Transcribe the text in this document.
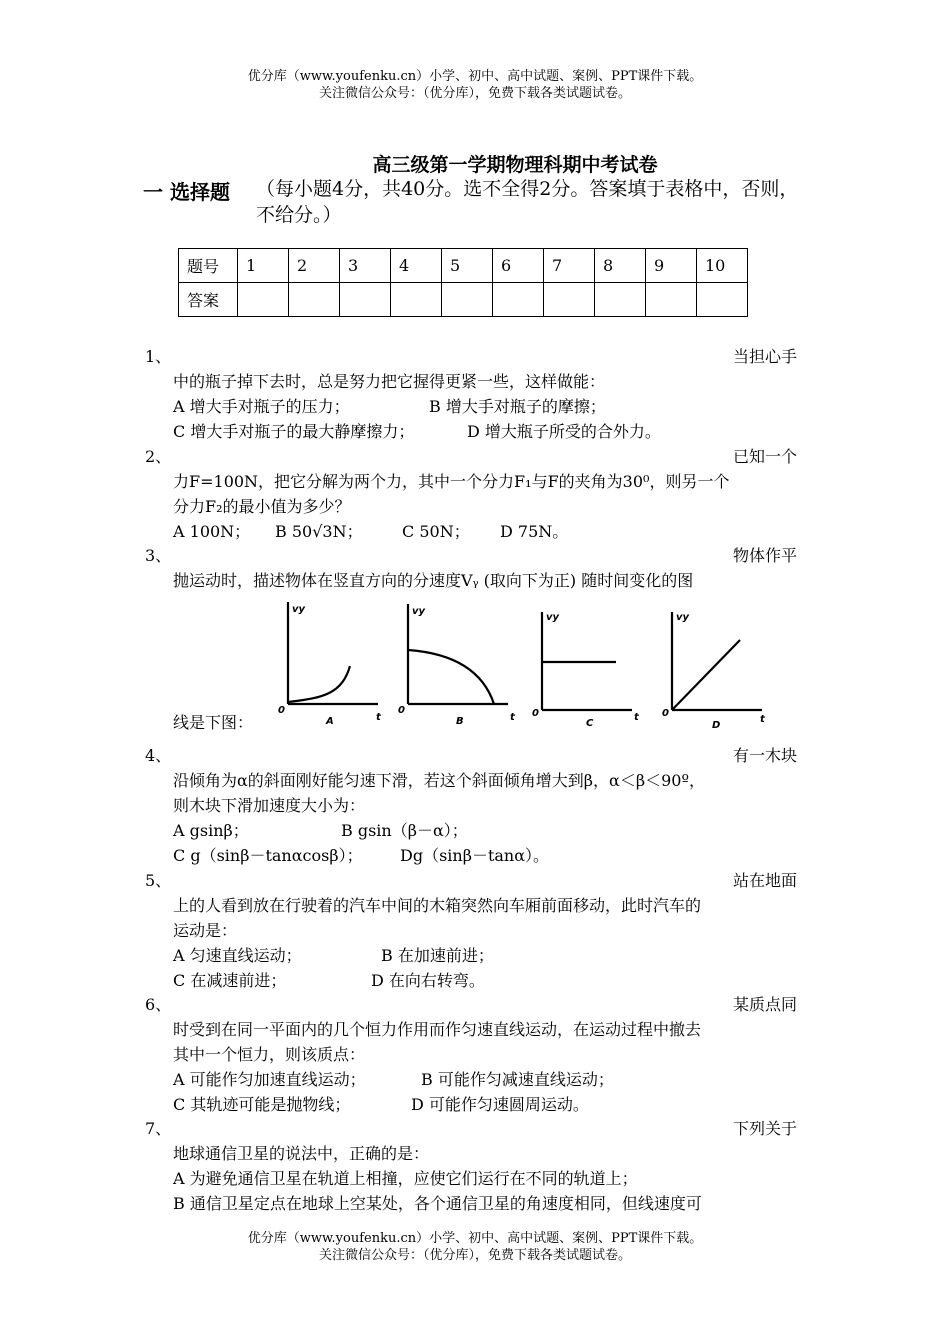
优分库（www.youfenku.cn）小学、初中、高中试题、案例、PPT课件下载。
关注微信公众号：（优分库），免费下载各类试题试卷。
高三级第一学期物理科期中考试卷
一 选择题 （每小题4分，共40分。选不全得2分。答案填于表格中，否则，不给分。）
题号	1	2	3	4	5	6	7	8	9	10
答案										
1、	当担心手
中的瓶子掉下去时，总是努力把它握得更紧一些，这样做能：
A 增大手对瓶子的压力；	B 增大手对瓶子的摩擦；
C 增大手对瓶子的最大静摩擦力；	D 增大瓶子所受的合外力。
2、	已知一个
力F=100N，把它分解为两个力，其中一个分力F₁与F的夹角为30⁰，则另一个
分力F₂的最小值为多少？
A 100N； B 50√3N； C 50N； D 75N。
3、	物体作平
抛运动时，描述物体在竖直方向的分速度Vᵧ (取向下为正) 随时间变化的图
线是下图：
vy
0
t
A
vy
0
t
B
vy
0	t
C
vy
0
t
D
4、	有一木块
沿倾角为α的斜面刚好能匀速下滑，若这个斜面倾角增大到β，α＜β＜90º，
则木块下滑加速度大小为：
A gsinβ；	B gsin（β－α）；
C g（sinβ－tanαcosβ）； Dg（sinβ－tanα）。
5、	站在地面
上的人看到放在行驶着的汽车中间的木箱突然向车厢前面移动，此时汽车的
运动是：
A 匀速直线运动；	B 在加速前进；
C 在减速前进；	D 在向右转弯。
6、	某质点同
时受到在同一平面内的几个恒力作用而作匀速直线运动，在运动过程中撤去
其中一个恒力，则该质点：
A 可能作匀加速直线运动；	B 可能作匀减速直线运动；
C 其轨迹可能是抛物线；	D 可能作匀速圆周运动。
7、	下列关于
地球通信卫星的说法中，正确的是：
A 为避免通信卫星在轨道上相撞，应使它们运行在不同的轨道上；
B 通信卫星定点在地球上空某处，各个通信卫星的角速度相同，但线速度可
优分库（www.youfenku.cn）小学、初中、高中试题、案例、PPT课件下载。
关注微信公众号：（优分库），免费下载各类试题试卷。
